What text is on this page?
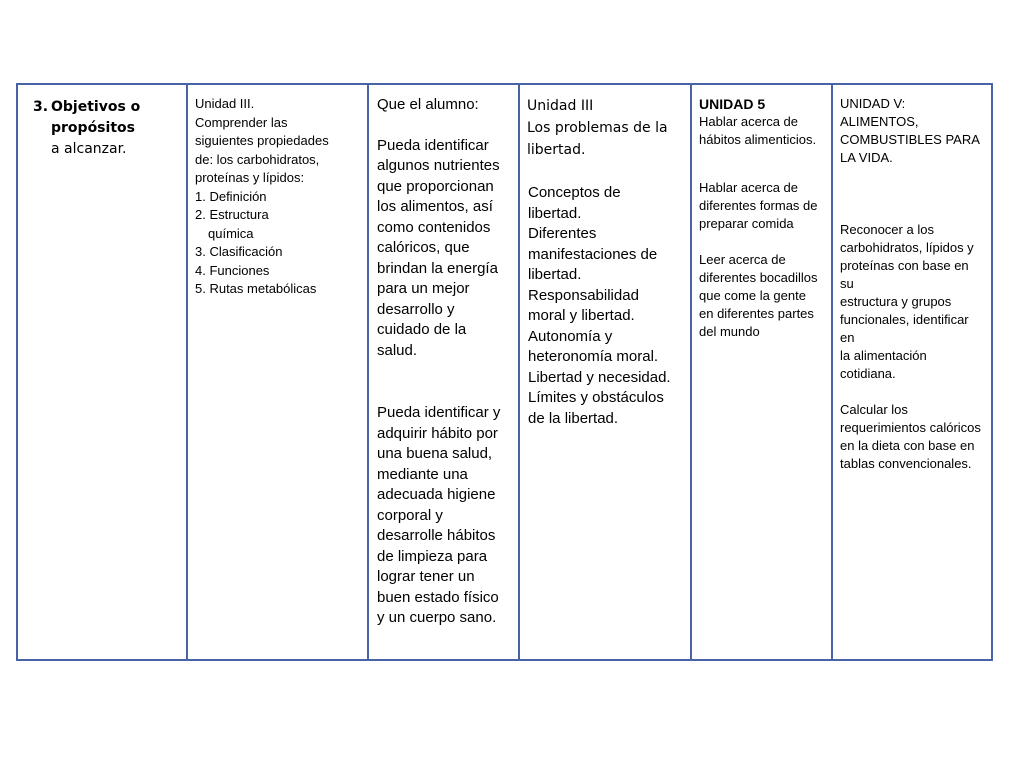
3. Objetivos o
propósitos
a alcanzar.
Unidad III.
Comprender las
siguientes propiedades
de: los carbohidratos,
proteínas y lípidos:
1. Definición
2. Estructura
química
3. Clasificación
4. Funciones
5. Rutas metabólicas
Que el alumno:
Pueda identificar
algunos nutrientes
que proporcionan
los alimentos, así
como contenidos
calóricos, que
brindan la energía
para un mejor
desarrollo y
cuidado de la
salud.
Pueda identificar y
adquirir hábito por
una buena salud,
mediante una
adecuada higiene
corporal y
desarrolle hábitos
de limpieza para
lograr tener un
buen estado físico
y un cuerpo sano.
Unidad III
Los problemas de la
libertad.
Conceptos de
libertad.
Diferentes
manifestaciones de
libertad.
Responsabilidad
moral y libertad.
Autonomía y
heteronomía moral.
Libertad y necesidad.
Límites y obstáculos
de la libertad.
UNIDAD 5
Hablar acerca de
hábitos alimenticios.
Hablar acerca de
diferentes formas de
preparar comida
Leer acerca de
diferentes bocadillos
que come la gente
en diferentes partes
del mundo
UNIDAD V: ALIMENTOS,
COMBUSTIBLES PARA
LA VIDA.
Reconocer a los
carbohidratos, lípidos y
proteínas con base en su
estructura y grupos
funcionales, identificar en
la alimentación cotidiana.
Calcular los
requerimientos calóricos
en la dieta con base en
tablas convencionales.
